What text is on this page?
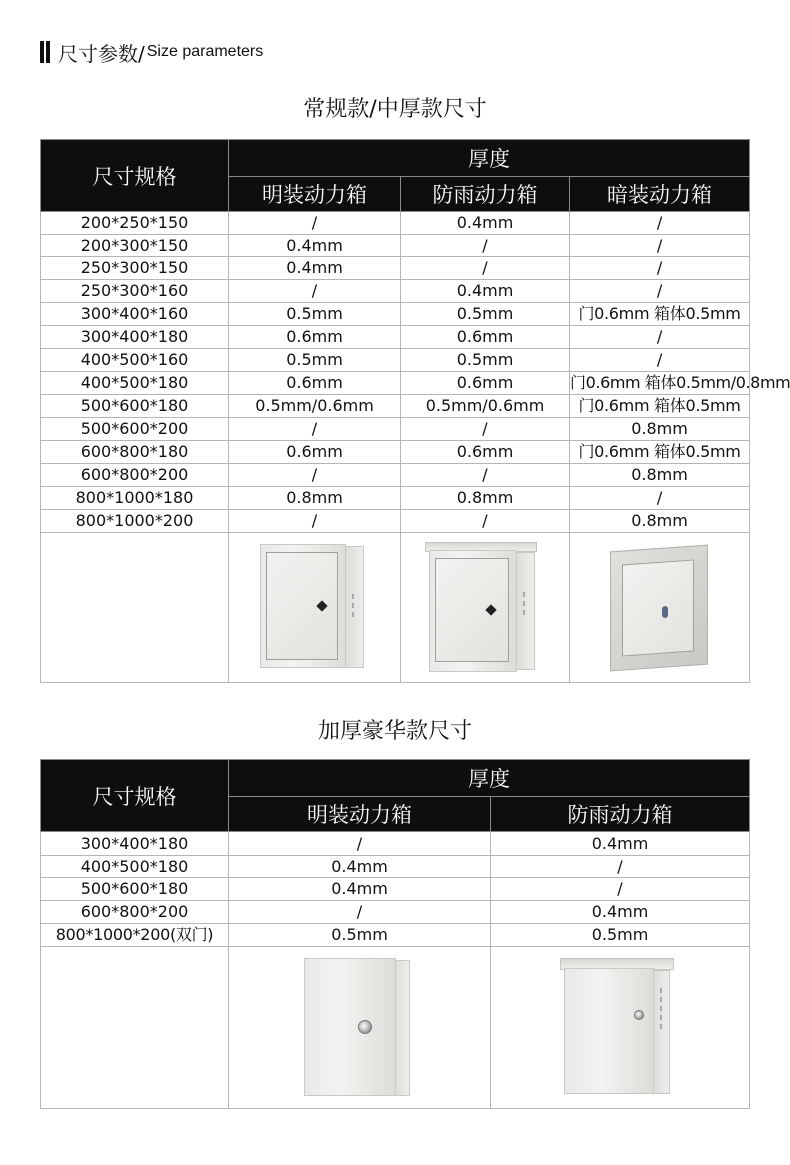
尺寸参数/ Size parameters
常规款/中厚款尺寸
尺寸规格	厚度		
	明装动力箱	防雨动力箱	暗装动力箱
200*250*150	/	0.4mm	/
200*300*150	0.4mm	/	/
250*300*150	0.4mm	/	/
250*300*160	/	0.4mm	/
300*400*160	0.5mm	0.5mm	门0.6mm 箱体0.5mm
300*400*180	0.6mm	0.6mm	/
400*500*160	0.5mm	0.5mm	/
400*500*180	0.6mm	0.6mm	门0.6mm 箱体0.5mm/0.8mm
500*600*180	0.5mm/0.6mm	0.5mm/0.6mm	门0.6mm 箱体0.5mm
500*600*200	/	/	0.8mm
600*800*180	0.6mm	0.6mm	门0.6mm 箱体0.5mm
600*800*200	/	/	0.8mm
800*1000*180	0.8mm	0.8mm	/
800*1000*200	/	/	0.8mm

加厚豪华款尺寸
尺寸规格	厚度	
	明装动力箱	防雨动力箱
300*400*180	/	0.4mm
400*500*180	0.4mm	/
500*600*180	0.4mm	/
600*800*200	/	0.4mm
800*1000*200(双门)	0.5mm	0.5mm
